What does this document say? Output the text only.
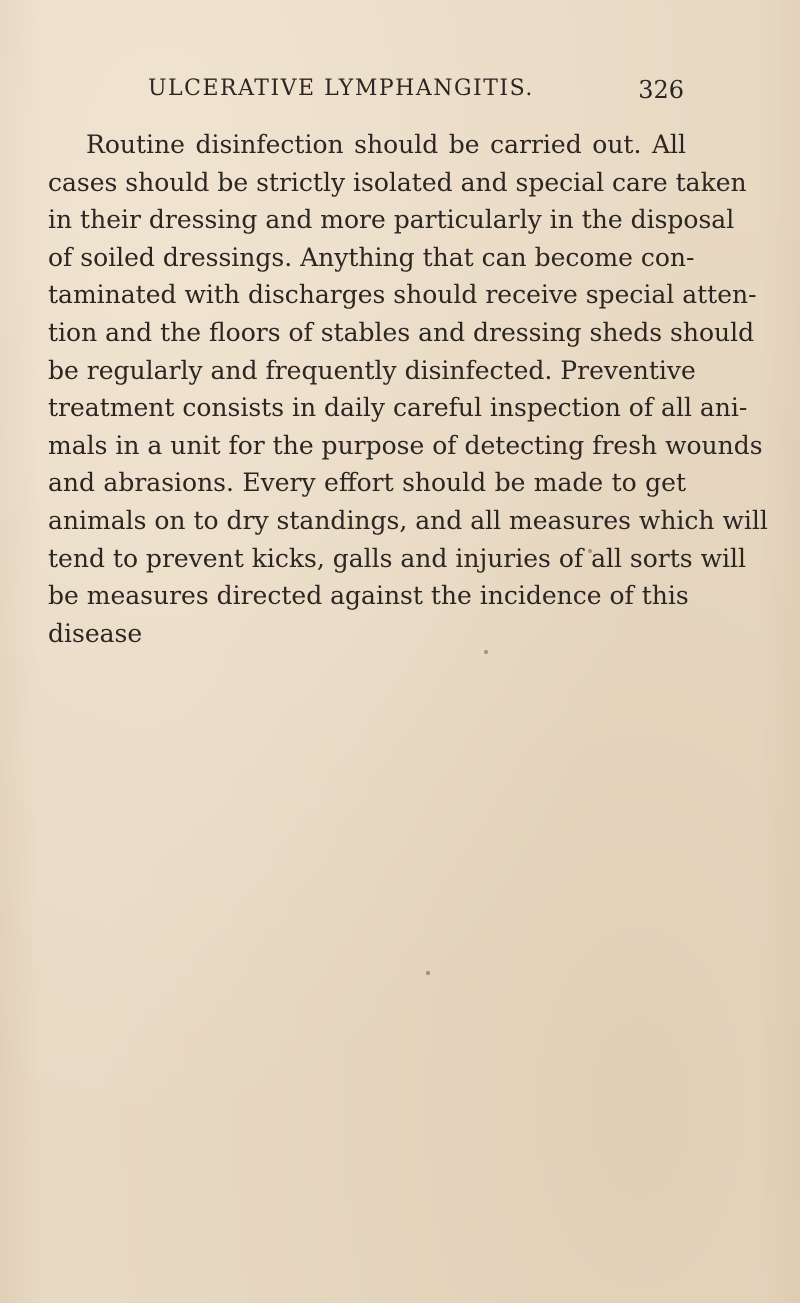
ULCERATIVE LYMPHANGITIS.	326
Routine disinfection should be carried out. All
cases should be strictly isolated and special care taken
in their dressing and more particularly in the disposal
of soiled dressings. Anything that can become con-
taminated with discharges should receive special atten-
tion and the floors of stables and dressing sheds should
be regularly and frequently disinfected. Preventive
treatment consists in daily careful inspection of all ani-
mals in a unit for the purpose of detecting fresh wounds
and abrasions. Every effort should be made to get
animals on to dry standings, and all measures which will
tend to prevent kicks, galls and injuries of all sorts will
be measures directed against the incidence of this
disease
